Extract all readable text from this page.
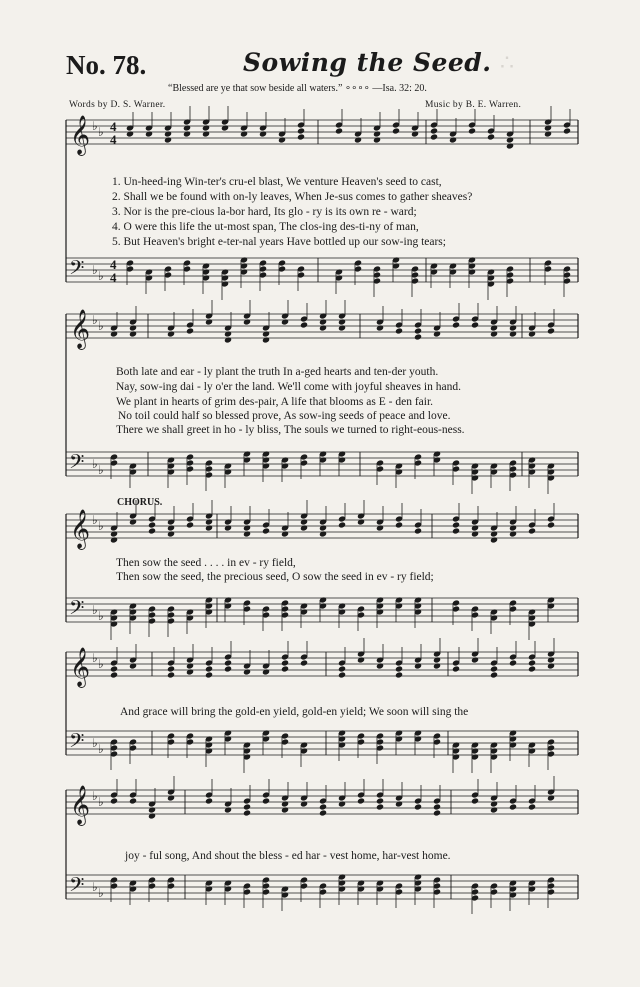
∴
No. 78.	Sowing the Seed.
“Blessed are ye that sow beside all waters.” ∘∘∘∘ —Isa. 32: 20.
Words by D. S. Warner.	Music by B. E. Warren.
𝄞 ♭ ♭ 4
4
𝄢 ♭ ♭
4
4
𝄞 ♭ ♭
𝄢 ♭ ♭
𝄞 ♭ ♭
𝄢 ♭ ♭
𝄞 ♭ ♭
𝄢 ♭ ♭
𝄞 ♭ ♭
𝄢 ♭ ♭
1. Un-heed-ing Win-ter's cru-el blast, We venture Heaven's seed to cast,
2. Shall we be found with on-ly leaves, When Je-sus comes to gather sheaves?
3. Nor is the pre-cious la-bor hard, Its glo - ry is its own re - ward;
4. O were this life the ut-most span, The clos-ing des-ti-ny of man,
5. But Heaven's bright e-ter-nal years Have bottled up our sow-ing tears;
Both late and ear - ly plant the truth In a-ged hearts and ten-der youth.
Nay, sow-ing dai - ly o'er the land. We'll come with joyful sheaves in hand.
We plant in hearts of grim des-pair, A life that blooms as E - den fair.
No toil could half so blessed prove, As sow-ing seeds of peace and love.
There we shall greet in ho - ly bliss, The souls we turned to right-eous-ness.
CHORUS.
Then sow the seed . . . . in ev - ry field,
Then sow the seed, the precious seed, O sow the seed in ev - ry field;
And grace will bring the gold-en yield, gold-en yield; We soon will sing the
joy - ful song, And shout the bless - ed har - vest home, har-vest home.
